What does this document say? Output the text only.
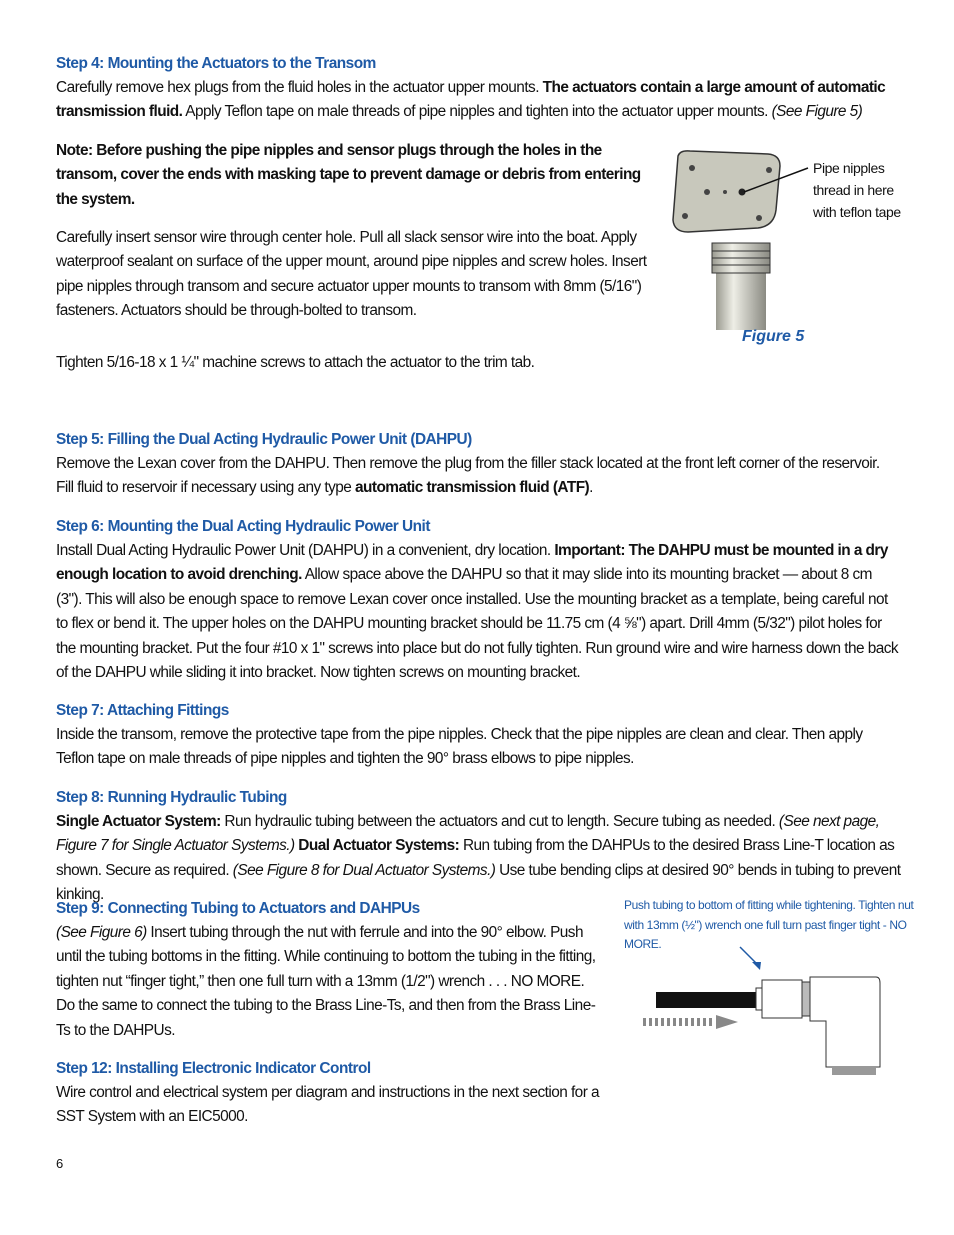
Step 4: Mounting the Actuators to the Transom

Carefully remove hex plugs from the fluid holes in the actuator upper mounts. The actuators contain a large amount of automatic transmission fluid. Apply Teflon tape on male threads of pipe nipples and tighten into the actuator upper mounts. (See Figure 5)

Note: Before pushing the pipe nipples and sensor plugs through the holes in the transom, cover the ends with masking tape to prevent damage or debris from entering the system.

Carefully insert sensor wire through center hole. Pull all slack sensor wire into the boat. Apply waterproof sealant on surface of the upper mount, around pipe nipples and screw holes. Insert pipe nipples through transom and secure actuator upper mounts to transom with 8mm (5/16") fasteners. Actuators should be through-bolted to transom.

Tighten 5/16-18 x 1 ¼" machine screws to attach the actuator to the trim tab.

Step 5: Filling the Dual Acting Hydraulic Power Unit (DAHPU)

Remove the Lexan cover from the DAHPU. Then remove the plug from the filler stack located at the front left corner of the reservoir. Fill fluid to reservoir if necessary using any type automatic transmission fluid (ATF).

Step 6: Mounting the Dual Acting Hydraulic Power Unit

Install Dual Acting Hydraulic Power Unit (DAHPU) in a convenient, dry location. Important: The DAHPU must be mounted in a dry enough location to avoid drenching. Allow space above the DAHPU so that it may slide into its mounting bracket — about 8 cm (3"). This will also be enough space to remove Lexan cover once installed. Use the mounting bracket as a template, being careful not to flex or bend it. The upper holes on the DAHPU mounting bracket should be 11.75 cm (4 ⅝") apart. Drill 4mm (5/32") pilot holes for the mounting bracket. Put the four #10 x 1" screws into place but do not fully tighten. Run ground wire and wire harness down the back of the DAHPU while sliding it into bracket. Now tighten screws on mounting bracket.

Step 7: Attaching Fittings

Inside the transom, remove the protective tape from the pipe nipples. Check that the pipe nipples are clean and clear. Then apply Teflon tape on male threads of pipe nipples and tighten the 90° brass elbows to pipe nipples.

Step 8: Running Hydraulic Tubing

Single Actuator System: Run hydraulic tubing between the actuators and cut to length. Secure tubing as needed. (See next page, Figure 7 for Single Actuator Systems.) Dual Actuator Systems: Run tubing from the DAHPUs to the desired Brass Line-T location as shown. Secure as required. (See Figure 8 for Dual Actuator Systems.) Use tube bending clips at desired 90° bends in tubing to prevent kinking.

Step 9: Connecting Tubing to Actuators and DAHPUs

(See Figure 6) Insert tubing through the nut with ferrule and into the 90° elbow. Push until the tubing bottoms in the fitting. While continuing to bottom the tubing in the fitting, tighten nut “finger tight,” then one full turn with a 13mm (1/2") wrench . . . NO MORE. Do the same to connect the tubing to the Brass Line-Ts, and then from the Brass Line-Ts to the DAHPUs.

Step 12: Installing Electronic Indicator Control

Wire control and electrical system per diagram and instructions in the next section for a SST System with an EIC5000.

Pipe nipples thread in here with teflon tape
Figure 5
Push tubing to bottom of fitting while tightening. Tighten nut with 13mm (½") wrench one full turn past finger tight - NO MORE.
6
